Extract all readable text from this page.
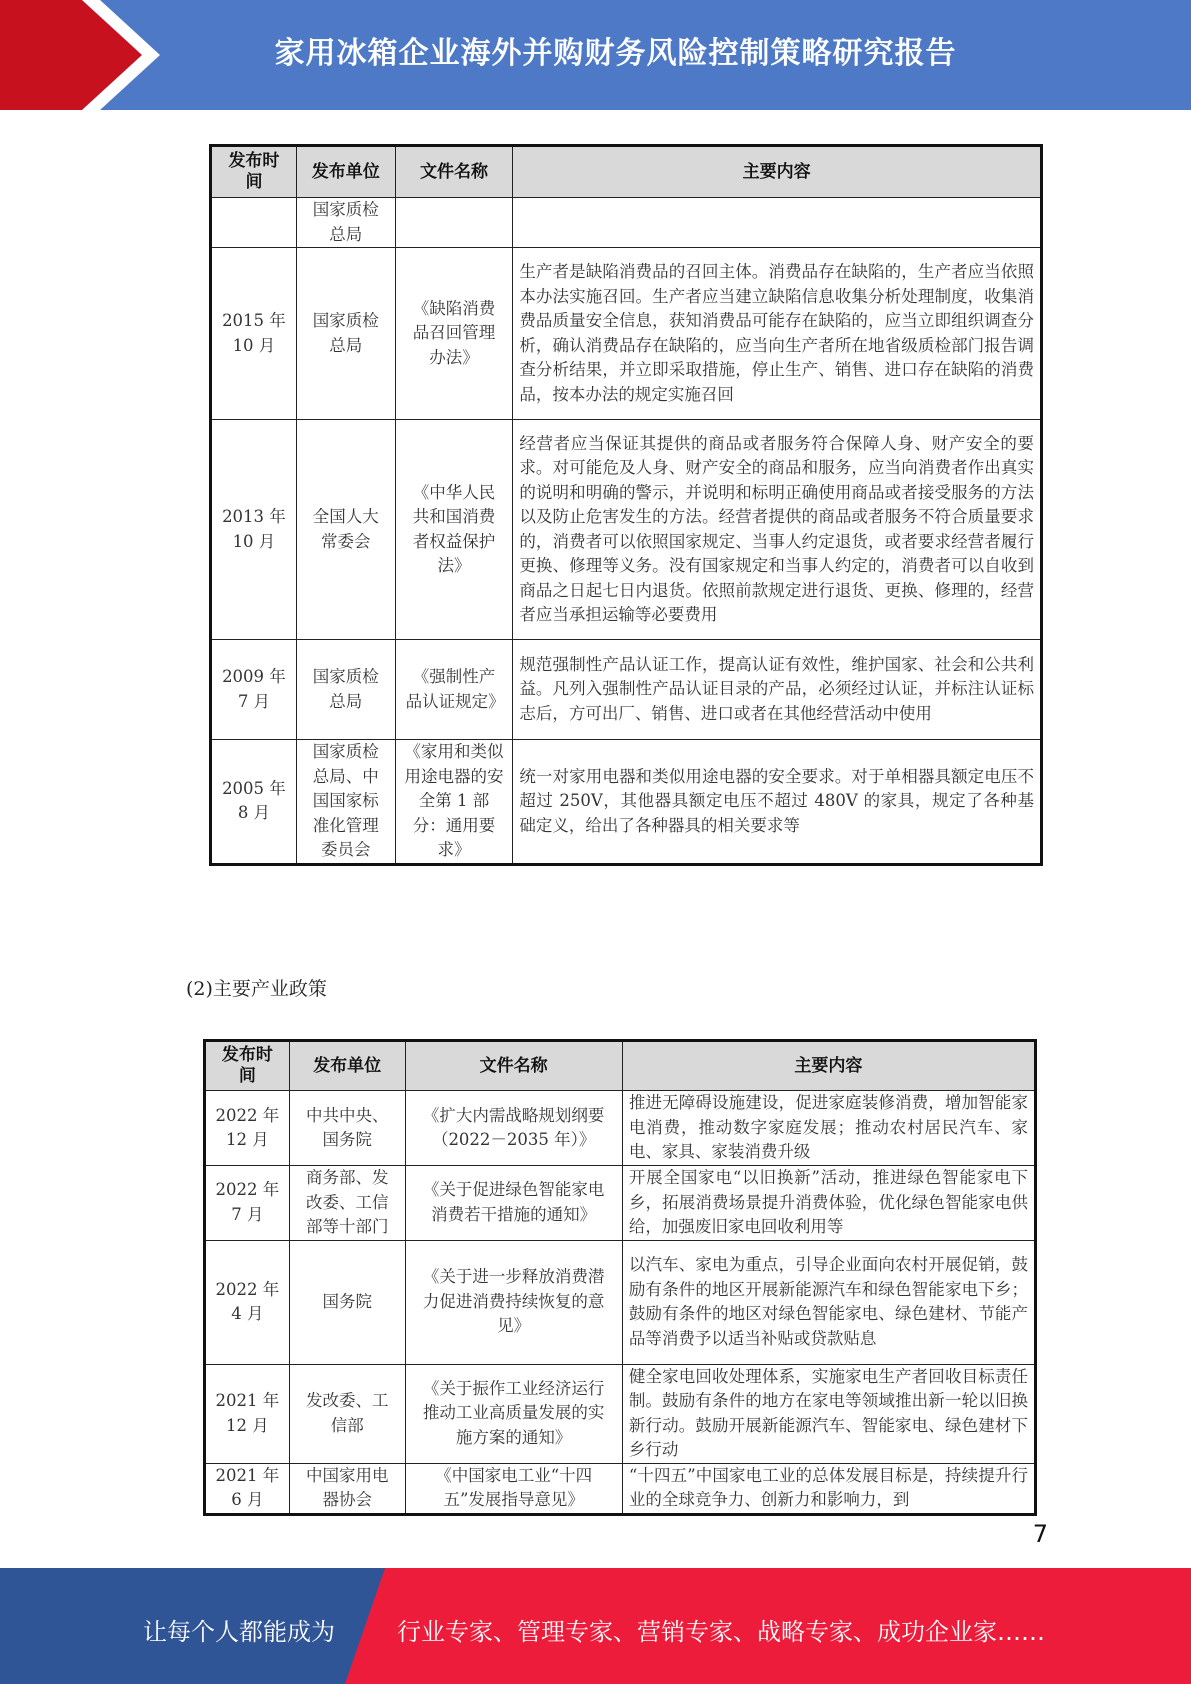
家用冰箱企业海外并购财务风险控制策略研究报告
发布时间	发布单位	文件名称	主要内容
	国家质检总局		
2015 年 10 月	国家质检总局	《缺陷消费品召回管理办法》	生产者是缺陷消费品的召回主体。消费品存在缺陷的，生产者应当依照本办法实施召回。生产者应当建立缺陷信息收集分析处理制度，收集消费品质量安全信息，获知消费品可能存在缺陷的，应当立即组织调查分析，确认消费品存在缺陷的，应当向生产者所在地省级质检部门报告调查分析结果，并立即采取措施，停止生产、销售、进口存在缺陷的消费品，按本办法的规定实施召回
2013 年 10 月	全国人大常委会	《中华人民共和国消费者权益保护法》	经营者应当保证其提供的商品或者服务符合保障人身、财产安全的要求。对可能危及人身、财产安全的商品和服务，应当向消费者作出真实的说明和明确的警示，并说明和标明正确使用商品或者接受服务的方法以及防止危害发生的方法。经营者提供的商品或者服务不符合质量要求的，消费者可以依照国家规定、当事人约定退货，或者要求经营者履行更换、修理等义务。没有国家规定和当事人约定的，消费者可以自收到商品之日起七日内退货。依照前款规定进行退货、更换、修理的，经营者应当承担运输等必要费用
2009 年 7 月	国家质检总局	《强制性产品认证规定》	规范强制性产品认证工作，提高认证有效性，维护国家、社会和公共利益。凡列入强制性产品认证目录的产品，必须经过认证，并标注认证标志后，方可出厂、销售、进口或者在其他经营活动中使用
2005 年 8 月	国家质检总局、中国国家标准化管理委员会	《家用和类似用途电器的安全第 1 部分：通用要求》	统一对家用电器和类似用途电器的安全要求。对于单相器具额定电压不超过 250V，其他器具额定电压不超过 480V 的家具，规定了各种基础定义，给出了各种器具的相关要求等
(2)主要产业政策
发布时间	发布单位	文件名称	主要内容
2022 年 12 月	中共中央、国务院	《扩大内需战略规划纲要（2022－2035 年）》	推进无障碍设施建设，促进家庭装修消费，增加智能家电消费，推动数字家庭发展；推动农村居民汽车、家电、家具、家装消费升级
2022 年 7 月	商务部、发改委、工信部等十部门	《关于促进绿色智能家电消费若干措施的通知》	开展全国家电“以旧换新”活动，推进绿色智能家电下乡，拓展消费场景提升消费体验，优化绿色智能家电供给，加强废旧家电回收利用等
2022 年 4 月	国务院	《关于进一步释放消费潜力促进消费持续恢复的意见》	以汽车、家电为重点，引导企业面向农村开展促销，鼓励有条件的地区开展新能源汽车和绿色智能家电下乡；鼓励有条件的地区对绿色智能家电、绿色建材、节能产品等消费予以适当补贴或贷款贴息
2021 年 12 月	发改委、工信部	《关于振作工业经济运行 推动工业高质量发展的实施方案的通知》	健全家电回收处理体系，实施家电生产者回收目标责任制。鼓励有条件的地方在家电等领域推出新一轮以旧换新行动。鼓励开展新能源汽车、智能家电、绿色建材下乡行动
2021 年 6 月	中国家用电器协会	《中国家电工业“十四五”发展指导意见》	“十四五”中国家电工业的总体发展目标是，持续提升行业的全球竞争力、创新力和影响力，到
7
让每个人都能成为	行业专家、管理专家、营销专家、战略专家、成功企业家……
